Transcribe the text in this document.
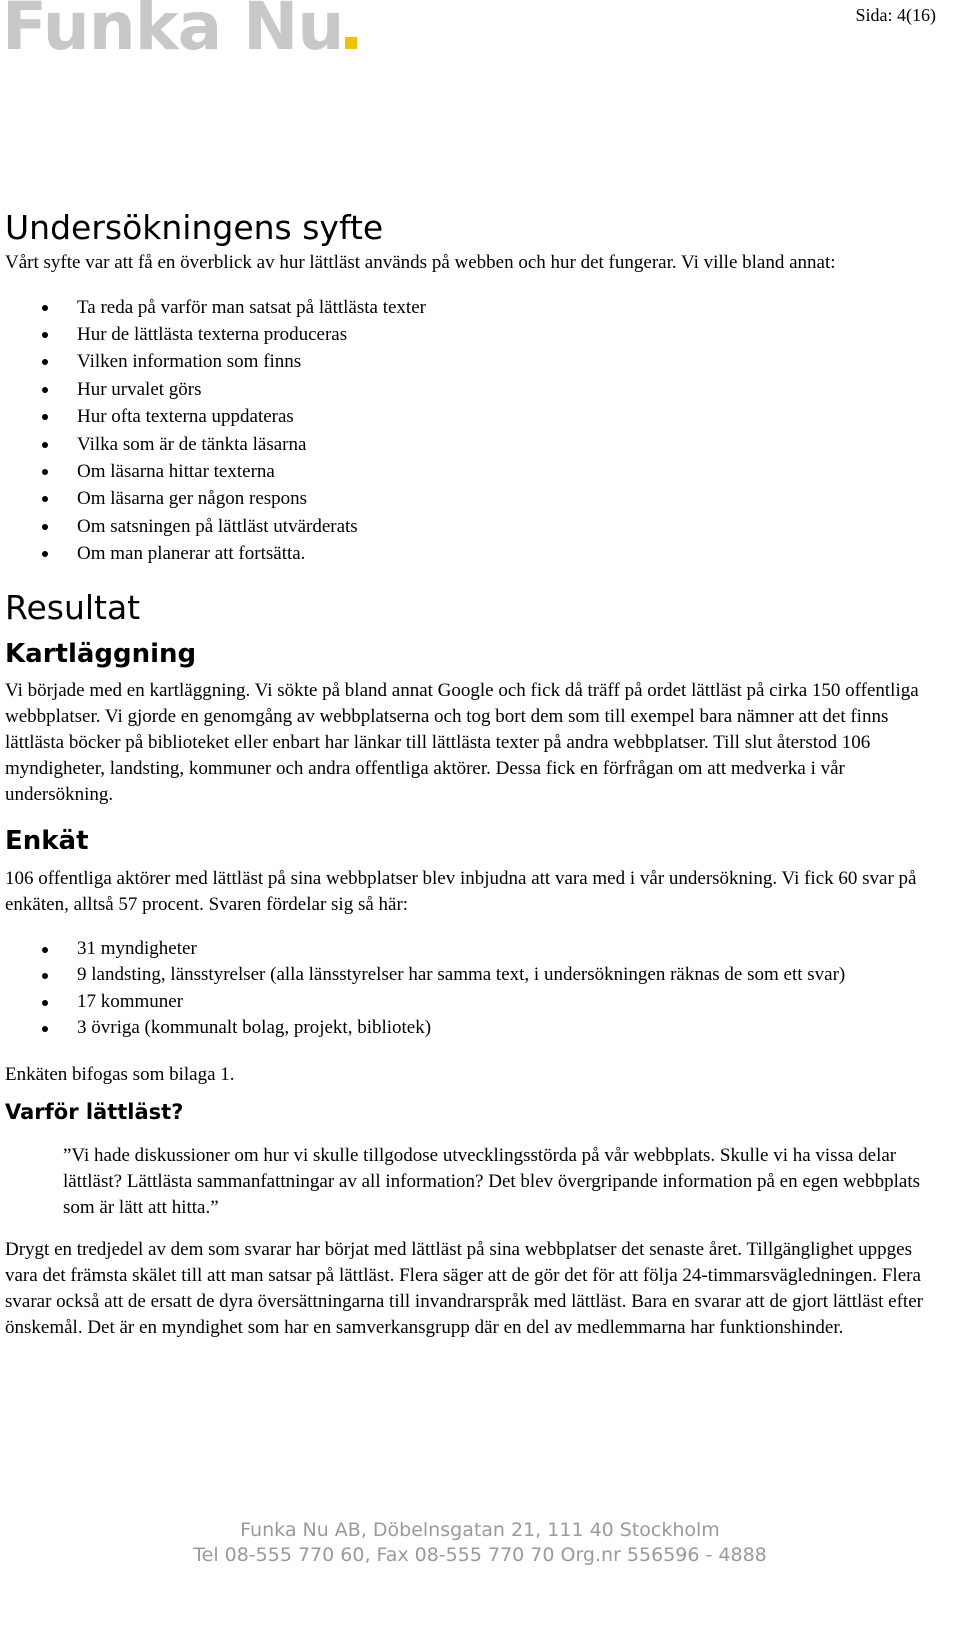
Funka Nu	Sida: 4(16)
Undersökningens syfte

Vårt syfte var att få en överblick av hur lättläst används på webben och hur det fungerar. Vi ville bland annat:

Ta reda på varför man satsat på lättlästa texter
Hur de lättlästa texterna produceras
Vilken information som finns
Hur urvalet görs
Hur ofta texterna uppdateras
Vilka som är de tänkta läsarna
Om läsarna hittar texterna
Om läsarna ger någon respons
Om satsningen på lättläst utvärderats
Om man planerar att fortsätta.
Resultat
Kartläggning

Vi började med en kartläggning. Vi sökte på bland annat Google och fick då träff på ordet lättläst på cirka 150 offentliga webbplatser. Vi gjorde en genomgång av webbplatserna och tog bort dem som till exempel bara nämner att det finns lättlästa böcker på biblioteket eller enbart har länkar till lättlästa texter på andra webbplatser. Till slut återstod 106 myndigheter, landsting, kommuner och andra offentliga aktörer. Dessa fick en förfrågan om att medverka i vår undersökning.

Enkät

106 offentliga aktörer med lättläst på sina webbplatser blev inbjudna att vara med i vår undersökning. Vi fick 60 svar på enkäten, alltså 57 procent. Svaren fördelar sig så här:

31 myndigheter
9 landsting, länsstyrelser (alla länsstyrelser har samma text, i undersökningen räknas de som ett svar)
17 kommuner
3 övriga (kommunalt bolag, projekt, bibliotek)

Enkäten bifogas som bilaga 1.

Varför lättläst?

”Vi hade diskussioner om hur vi skulle tillgodose utvecklingsstörda på vår webbplats. Skulle vi ha vissa delar lättläst? Lättlästa sammanfattningar av all information? Det blev övergripande information på en egen webbplats som är lätt att hitta.”

Drygt en tredjedel av dem som svarar har börjat med lättläst på sina webbplatser det senaste året. Tillgänglighet uppges vara det främsta skälet till att man satsar på lättläst. Flera säger att de gör det för att följa 24-timmarsvägledningen. Flera svarar också att de ersatt de dyra översättningarna till invandrarspråk med lättläst. Bara en svarar att de gjort lättläst efter önskemål. Det är en myndighet som har en samverkansgrupp där en del av medlemmarna har funktionshinder.

Funka Nu AB, Döbelnsgatan 21, 111 40 Stockholm
Tel 08-555 770 60, Fax 08-555 770 70 Org.nr 556596 - 4888
